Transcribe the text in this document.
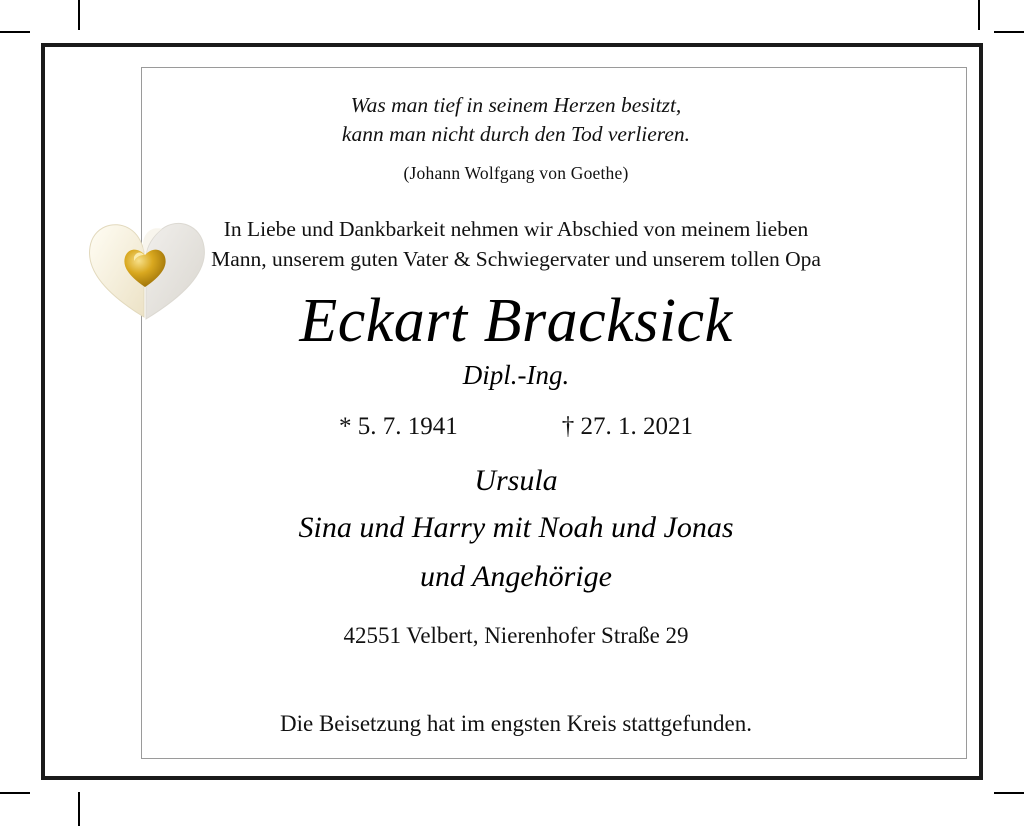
Was man tief in seinem Herzen besitzt,
kann man nicht durch den Tod verlieren.
(Johann Wolfgang von Goethe)
In Liebe und Dankbarkeit nehmen wir Abschied von meinem lieben
Mann, unserem guten Vater & Schwiegervater und unserem tollen Opa
Eckart Bracksick
Dipl.-Ing.
* 5. 7. 1941	† 27. 1. 2021
Ursula
Sina und Harry mit Noah und Jonas
und Angehörige
42551 Velbert, Nierenhofer Straße 29
Die Beisetzung hat im engsten Kreis stattgefunden.
